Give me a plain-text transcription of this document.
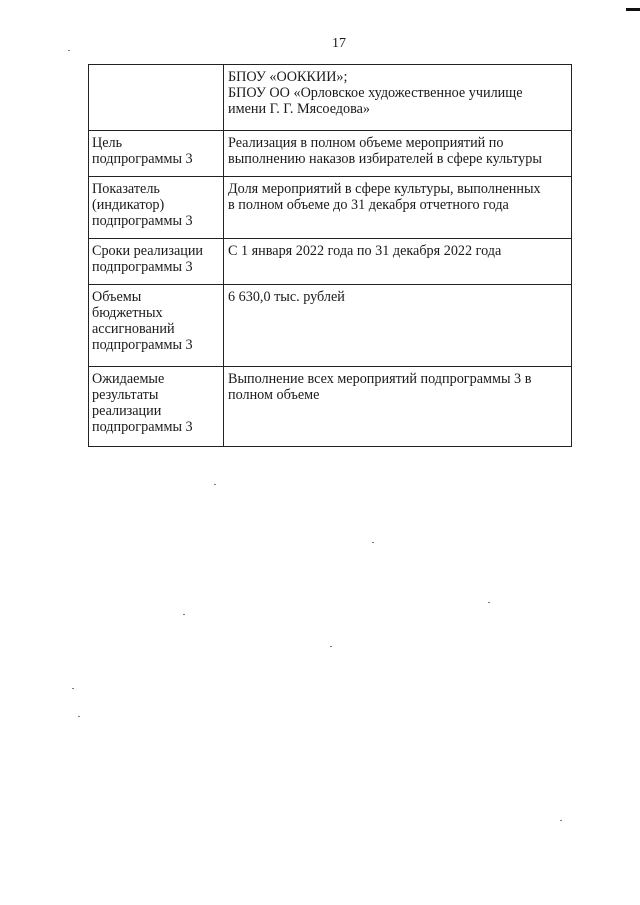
17

	БПОУ «ООККИИ»;
БПОУ ОО «Орловское художественное училище
имени Г. Г. Мясоедова»

Цель
подпрограммы 3	Реализация в полном объеме мероприятий по
выполнению наказов избирателей в сфере культуры

Показатель
(индикатор)
подпрограммы 3	Доля мероприятий в сфере культуры, выполненных
в полном объеме до 31 декабря отчетного года

Сроки реализации
подпрограммы 3	С 1 января 2022 года по 31 декабря 2022 года

Объемы
бюджетных
ассигнований
подпрограммы 3	6 630,0 тыс. рублей

Ожидаемые
результаты
реализации
подпрограммы 3	Выполнение всех мероприятий подпрограммы 3 в
полном объеме
